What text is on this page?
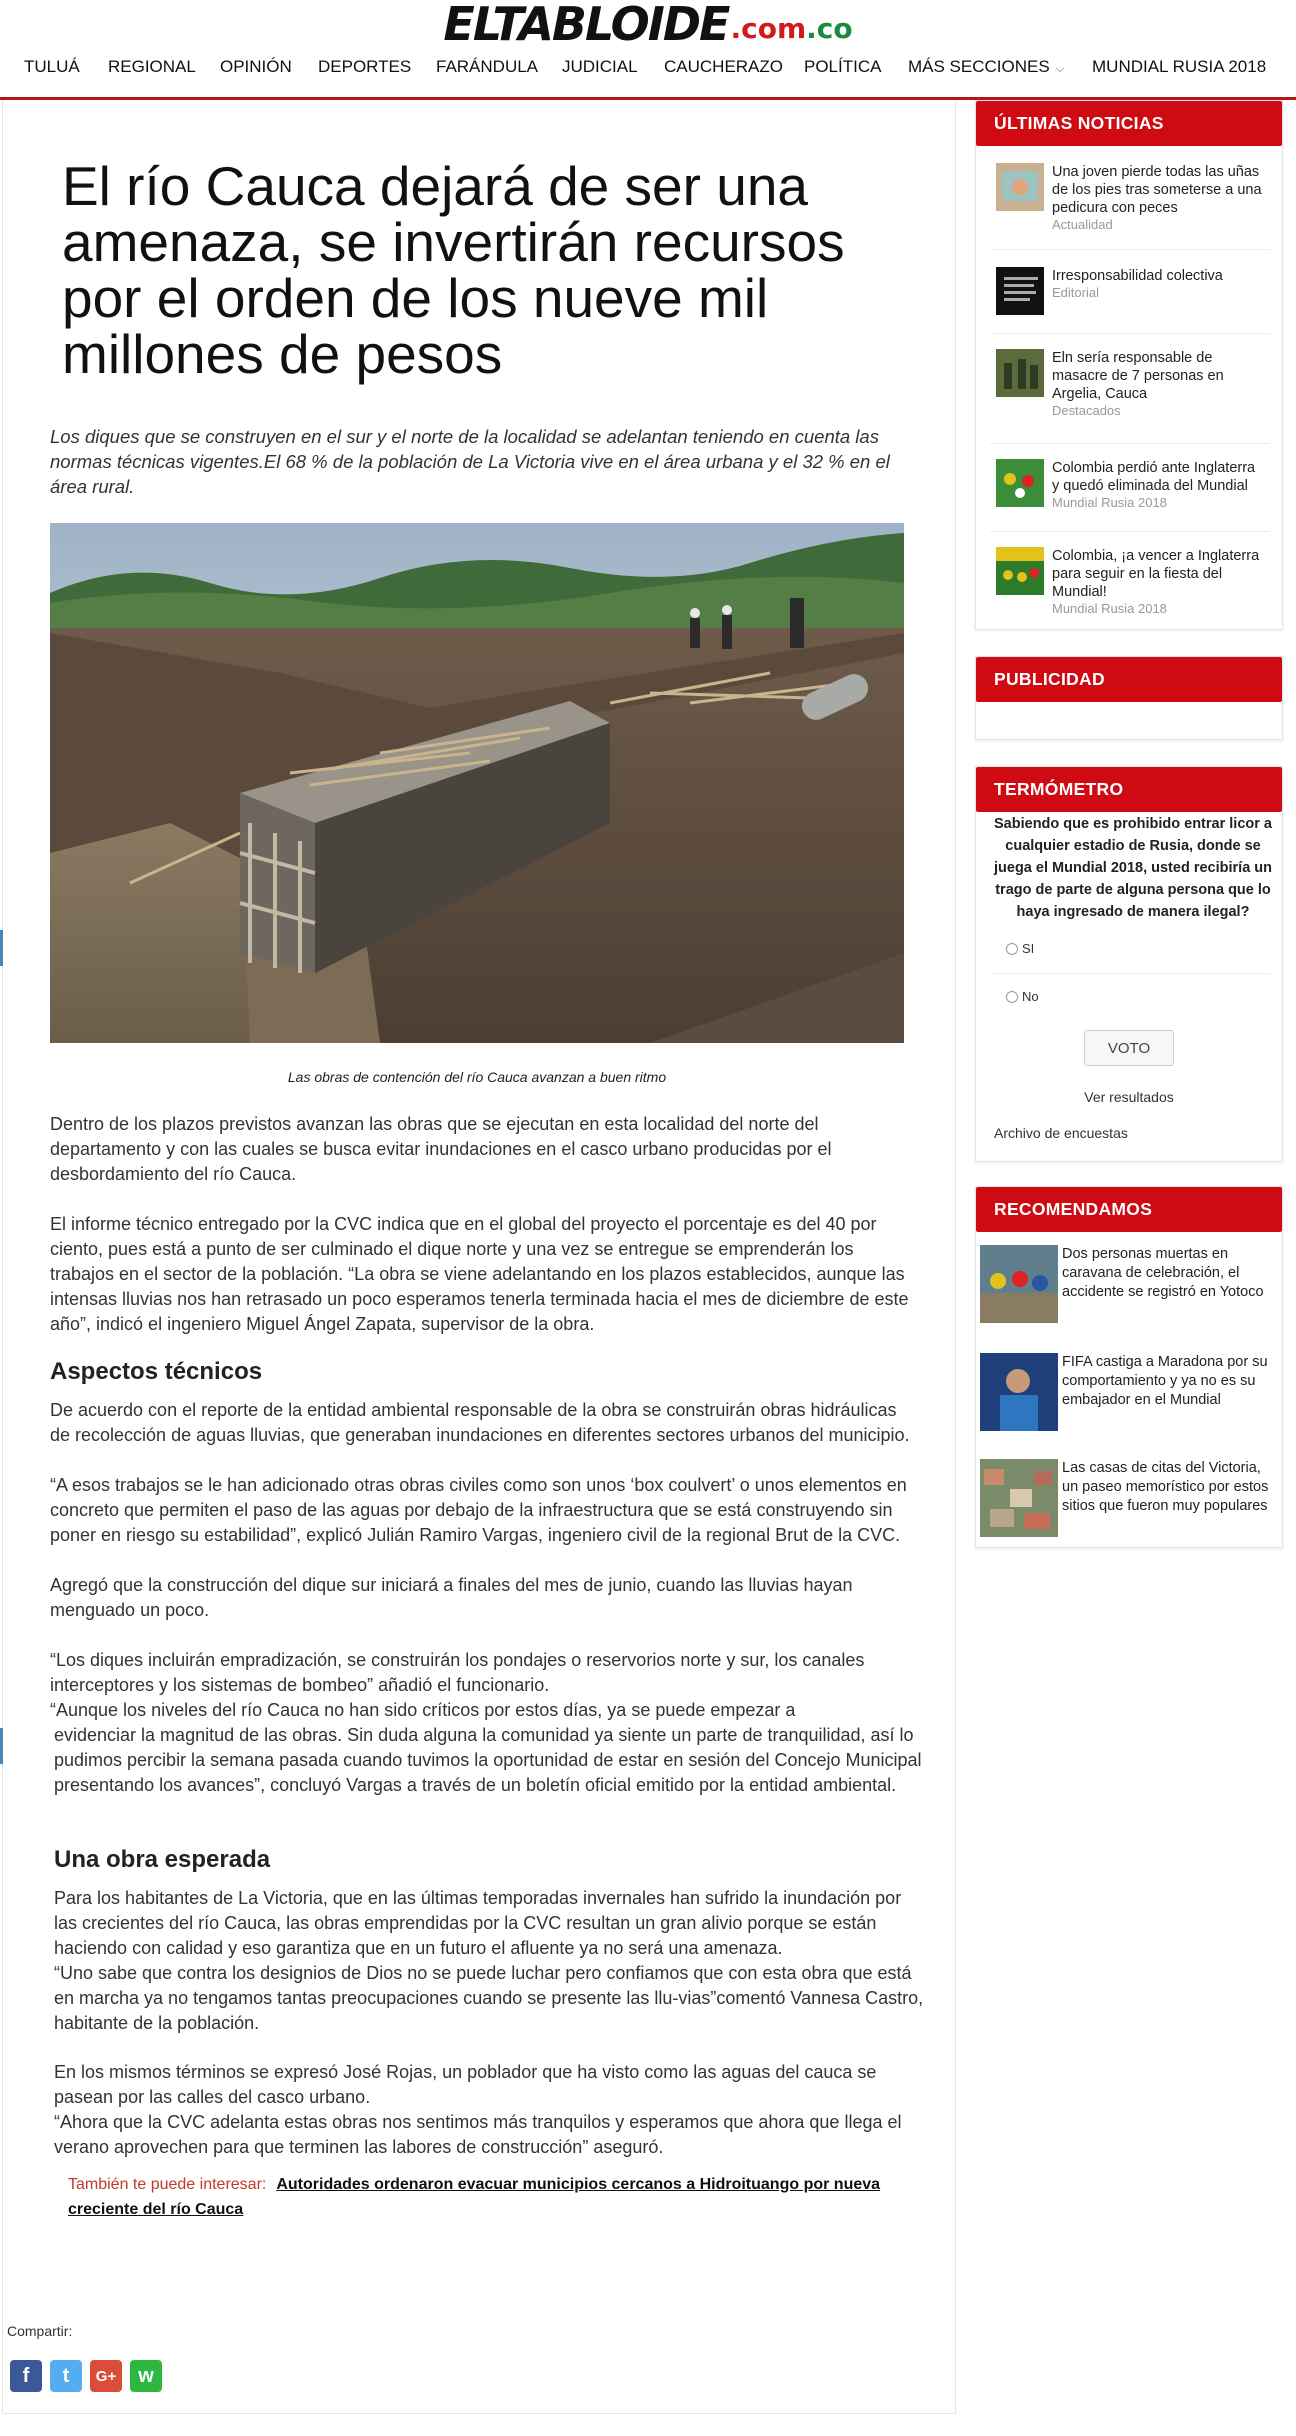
ELTABLOIDE .com.co
TULUÁ REGIONAL OPINIÓN DEPORTES FARÁNDULA JUDICIAL CAUCHERAZO POLÍTICA MÁS SECCIONES ⌵ MUNDIAL RUSIA 2018
El río Cauca dejará de ser una amenaza, se invertirán recursos por el orden de los nueve mil millones de pesos

Los diques que se construyen en el sur y el norte de la localidad se adelantan teniendo en cuenta las normas técnicas vigentes.El 68 % de la población de La Victoria vive en el área urbana y el 32 % en el área rural.

Las obras de contención del río Cauca avanzan a buen ritmo

Dentro de los plazos previstos avanzan las obras que se ejecutan en esta localidad del norte del departamento y con las cuales se busca evitar inundaciones en el casco urbano producidas por el desbordamiento del río Cauca.

El informe técnico entregado por la CVC indica que en el global del proyecto el porcentaje es del 40 por ciento, pues está a punto de ser culminado el dique norte y una vez se entregue se emprenderán los trabajos en el sector de la población. “La obra se viene adelantando en los plazos establecidos, aunque las intensas lluvias nos han retrasado un poco esperamos tenerla terminada hacia el mes de diciembre de este año”, indicó el ingeniero Miguel Ángel Zapata, supervisor de la obra.

Aspectos técnicos

De acuerdo con el reporte de la entidad ambiental responsable de la obra se construirán obras hidráulicas de recolección de aguas lluvias, que generaban inundaciones en diferentes sectores urbanos del municipio.

“A esos trabajos se le han adicionado otras obras civiles como son unos ‘box coulvert’ o unos elementos en concreto que permiten el paso de las aguas por debajo de la infraestructura que se está construyendo sin poner en riesgo su estabilidad”, explicó Julián Ramiro Vargas, ingeniero civil de la regional Brut de la CVC.

Agregó que la construcción del dique sur iniciará a finales del mes de junio, cuando las lluvias hayan menguado un poco.

“Los diques incluirán empradización, se construirán los pondajes o reservorios norte y sur, los canales interceptores y los sistemas de bombeo” añadió el funcionario.

“Aunque los niveles del río Cauca no han sido críticos por estos días, ya se puede empezar a

evidenciar la magnitud de las obras. Sin duda alguna la comunidad ya siente un parte de tranquilidad, así lo pudimos percibir la semana pasada cuando tuvimos la oportunidad de estar en sesión del Concejo Municipal presentando los avances”, concluyó Vargas a través de un boletín oficial emitido por la entidad ambiental.

Una obra esperada

Para los habitantes de La Victoria, que en las últimas temporadas invernales han sufrido la inundación por las crecientes del río Cauca, las obras emprendidas por la CVC resultan un gran alivio porque se están haciendo con calidad y eso garantiza que en un futuro el afluente ya no será una amenaza.

“Uno sabe que contra los designios de Dios no se puede luchar pero confiamos que con esta obra que está en marcha ya no tengamos tantas preocupaciones cuando se presente las llu-vias”comentó Vannesa Castro, habitante de la población.

En los mismos términos se expresó José Rojas, un poblador que ha visto como las aguas del cauca se pasean por las calles del casco urbano.

“Ahora que la CVC adelanta estas obras nos sentimos más tranquilos y esperamos que ahora que llega el verano aprovechen para que terminen las labores de construcción” aseguró.

También te puede interesar: Autoridades ordenaron evacuar municipios cercanos a Hidroituango por nueva creciente del río Cauca
Compartir:
f t G+ w
ÚLTIMAS NOTICIAS
Una joven pierde todas las uñas de los pies tras someterse a una pedicura con peces
Actualidad
Irresponsabilidad colectiva
Editorial
Eln sería responsable de masacre de 7 personas en Argelia, Cauca
Destacados
Colombia perdió ante Inglaterra y quedó eliminada del Mundial
Mundial Rusia 2018
Colombia, ¡a vencer a Inglaterra para seguir en la fiesta del Mundial!
Mundial Rusia 2018
PUBLICIDAD
TERMÓMETRO
Sabiendo que es prohibido entrar licor a cualquier estadio de Rusia, donde se juega el Mundial 2018, usted recibiría un trago de parte de alguna persona que lo haya ingresado de manera ilegal?
SI
No
VOTO
Ver resultados
Archivo de encuestas
RECOMENDAMOS
Dos personas muertas en caravana de celebración, el accidente se registró en Yotoco
FIFA castiga a Maradona por su comportamiento y ya no es su embajador en el Mundial
Las casas de citas del Victoria, un paseo memorístico por estos sitios que fueron muy populares
